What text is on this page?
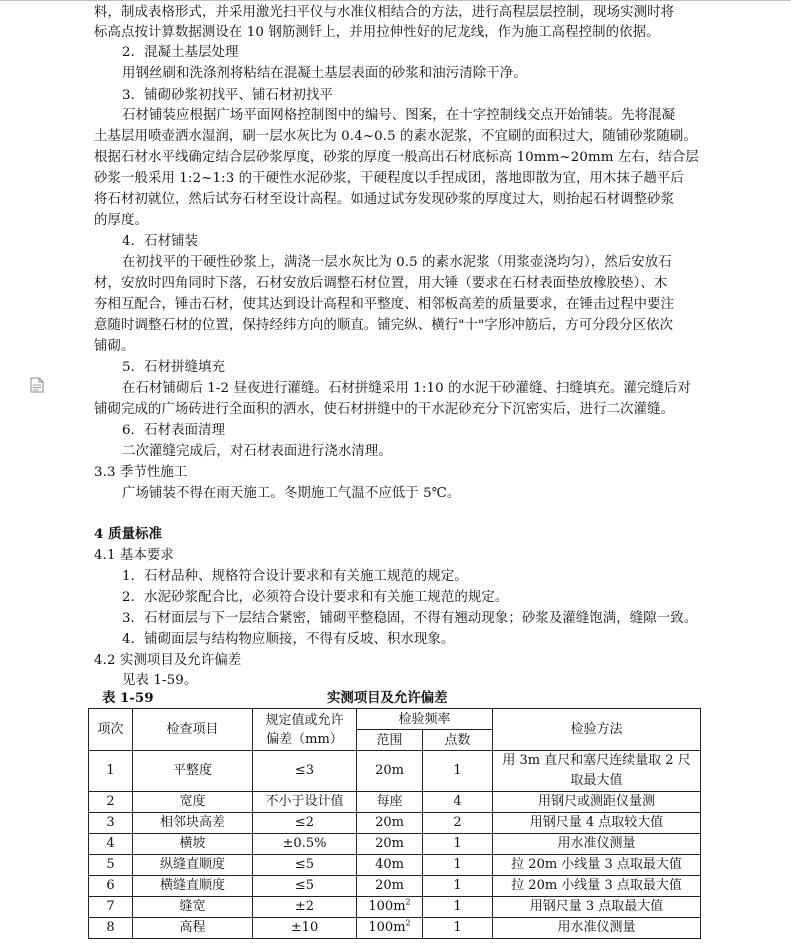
料，制成表格形式，并采用激光扫平仪与水准仪相结合的方法，进行高程层层控制，现场实测时将
标高点按计算数据测设在 10 钢筋测钎上，并用拉伸性好的尼龙线，作为施工高程控制的依据。
2．混凝土基层处理
用钢丝刷和洗涤剂将粘结在混凝土基层表面的砂浆和油污清除干净。
3．铺砌砂浆初找平、铺石材初找平
石材铺装应根据广场平面网格控制图中的编号、图案，在十字控制线交点开始铺装。先将混凝
土基层用喷壶洒水湿润，刷一层水灰比为 0.4~0.5 的素水泥浆，不宜刷的面积过大，随铺砂浆随刷。
根据石材水平线确定结合层砂浆厚度，砂浆的厚度一般高出石材底标高 10mm~20mm 左右，结合层
砂浆一般采用 1:2~1:3 的干硬性水泥砂浆，干硬程度以手捏成团，落地即散为宜，用木抹子趟平后
将石材初就位，然后试夯石材至设计高程。如通过试夯发现砂浆的厚度过大，则抬起石材调整砂浆
的厚度。
4．石材铺装
在初找平的干硬性砂浆上，满浇一层水灰比为 0.5 的素水泥浆（用浆壶浇均匀），然后安放石
材，安放时四角同时下落，石材安放后调整石材位置，用大锤（要求在石材表面垫放橡胶垫）、木
夯相互配合，锤击石材，使其达到设计高程和平整度、相邻板高差的质量要求，在锤击过程中要注
意随时调整石材的位置，保持经纬方向的顺直。铺完纵、横行"十"字形冲筋后，方可分段分区依次
铺砌。
5．石材拼缝填充
在石材铺砌后 1-2 昼夜进行灌缝。石材拼缝采用 1:10 的水泥干砂灌缝、扫缝填充。灌完缝后对
铺砌完成的广场砖进行全面积的洒水，使石材拼缝中的干水泥砂充分下沉密实后，进行二次灌缝。
6．石材表面清理
二次灌缝完成后，对石材表面进行浇水清理。
3.3 季节性施工
广场铺装不得在雨天施工。冬期施工气温不应低于 5℃。
4 质量标准
4.1 基本要求
1．石材品种、规格符合设计要求和有关施工规范的规定。
2．水泥砂浆配合比，必须符合设计要求和有关施工规范的规定。
3．石材面层与下一层结合紧密，铺砌平整稳固，不得有翘动现象；砂浆及灌缝饱满，缝隙一致。
4．铺砌面层与结构物应顺接，不得有反坡、积水现象。
4.2 实测项目及允许偏差
见表 1-59。
表 1-59	实测项目及允许偏差
项次	检查项目	规定值或允许
偏差（mm）	检验频率		检验方法
			范围	点数	
1	平整度	≤3	20m	1	用 3m 直尺和塞尺连续量取 2 尺
取最大值

2	宽度	不小于设计值	每座	4	用钢尺或测距仪量测
3	相邻块高差	≤2	20m	2	用钢尺量 4 点取较大值
4	横坡	±0.5%	20m	1	用水准仪测量
5	纵缝直顺度	≤5	40m	1	拉 20m 小线量 3 点取最大值
6	横缝直顺度	≤5	20m	1	拉 20m 小线量 3 点取最大值
7	缝宽	±2	$100m^2$	1	用钢尺量 3 点取最大值
8	高程	±10	$100m^2$	1	用水准仪测量
